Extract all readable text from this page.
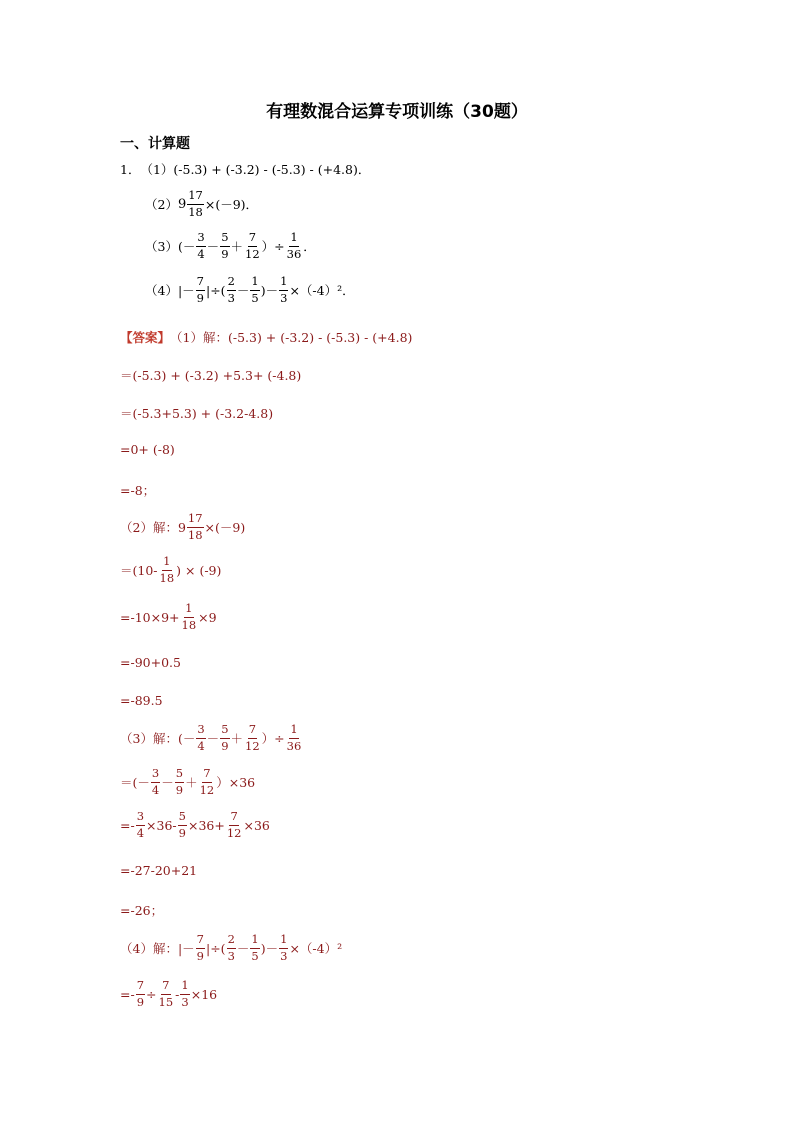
有理数混合运算专项训练（30题）
一、计算题
1． （1）(-5.3) + (-3.2) - (-5.3) - (+4.8)．
（2） $9 \frac{17}{18} \times(-9)$．
$(3)(- \frac{3}{4} - \frac{5}{9} + \frac{7}{12}$ ）÷ $\frac{1}{36}$ ．
$(4)|- \frac{7}{9}$ |÷( $\frac{2}{3} - \frac{1}{5}$ )－ $\frac{1}{3} \times(-4)^2$．
【答案】 （1）解：(-5.3) + (-3.2) - (-5.3) - (+4.8)
＝(-5.3) + (-3.2) +5.3+ (-4.8)
＝(-5.3+5.3) + (-3.2-4.8)
=0+ (-8)
=-8；
（2）解：$9 \frac{17}{18} \times(-9)$
$=(10- \frac{1}{18}$ ) × (-9)
$=-10\times 9+ \frac{1}{18} \times 9$
=-90+0.5
=-89.5
（3）解：(－ $\frac{3}{4} - \frac{5}{9} + \frac{7}{12}$ ）÷ $\frac{1}{36}$
＝(－ $\frac{3}{4} - \frac{5}{9} + \frac{7}{12} )\times 36$
=- $\frac{3}{4} \times 36- \frac{5}{9} \times 36+ \frac{7}{12} \times 36$
=-27-20+21
=-26；
（4）解：|－ $\frac{7}{9}$ |÷( $\frac{2}{3} - \frac{1}{5}$ )－ $\frac{1}{3} \times(-4)^2$
=- $\frac{7}{9} \div \frac{7}{15} - \frac{1}{3} \times 16$
